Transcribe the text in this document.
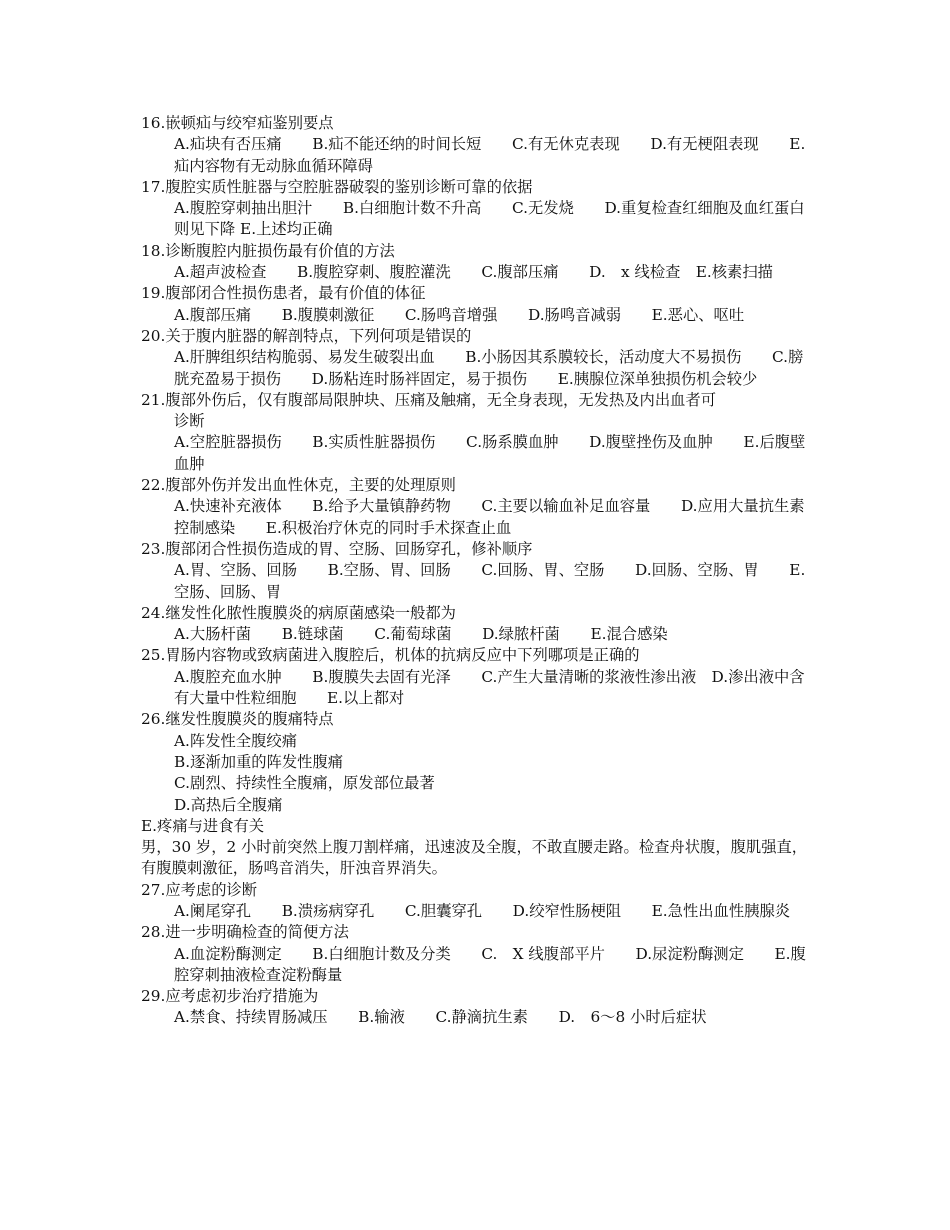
16.嵌顿疝与绞窄疝鉴别要点

A.疝块有否压痛　　B.疝不能还纳的时间长短　　C.有无休克表现　　D.有无梗阻表现　　E.疝内容物有无动脉血循环障碍

17.腹腔实质性脏器与空腔脏器破裂的鉴别诊断可靠的依据

A.腹腔穿刺抽出胆汁　　B.白细胞计数不升高　　C.无发烧　　D.重复检查红细胞及血红蛋白则见下降 E.上述均正确

18.诊断腹腔内脏损伤最有价值的方法

A.超声波检查　　B.腹腔穿刺、腹腔灌洗　　C.腹部压痛　　D.　x 线检查　E.核素扫描

19.腹部闭合性损伤患者，最有价值的体征

A.腹部压痛　　B.腹膜刺激征　　C.肠鸣音增强　　D.肠鸣音减弱　　E.恶心、呕吐

20.关于腹内脏器的解剖特点，下列何项是错误的

A.肝脾组织结构脆弱、易发生破裂出血　　B.小肠因其系膜较长，活动度大不易损伤　　C.膀胱充盈易于损伤　　D.肠粘连时肠袢固定，易于损伤　　E.胰腺位深单独损伤机会较少

21.腹部外伤后，仅有腹部局限肿块、压痛及触痛，无全身表现，无发热及内出血者可

诊断

A.空腔脏器损伤　　B.实质性脏器损伤　　C.肠系膜血肿　　D.腹壁挫伤及血肿　　E.后腹壁血肿

22.腹部外伤并发出血性休克，主要的处理原则

A.快速补充液体　　B.给予大量镇静药物　　C.主要以输血补足血容量　　D.应用大量抗生素控制感染　　E.积极治疗休克的同时手术探查止血

23.腹部闭合性损伤造成的胃、空肠、回肠穿孔，修补顺序

A.胃、空肠、回肠　　B.空肠、胃、回肠　　C.回肠、胃、空肠　　D.回肠、空肠、胃　　E.空肠、回肠、胃

24.继发性化脓性腹膜炎的病原菌感染一般都为

A.大肠杆菌　　B.链球菌　　C.葡萄球菌　　D.绿脓杆菌　　E.混合感染

25.胃肠内容物或致病菌进入腹腔后，机体的抗病反应中下列哪项是正确的

A.腹腔充血水肿　　B.腹膜失去固有光泽　　C.产生大量清晰的浆液性渗出液　D.渗出液中含有大量中性粒细胞　　E.以上都对

26.继发性腹膜炎的腹痛特点

A.阵发性全腹绞痛

B.逐渐加重的阵发性腹痛

C.剧烈、持续性全腹痛，原发部位最著

D.高热后全腹痛

E.疼痛与进食有关

男，30 岁，2 小时前突然上腹刀割样痛，迅速波及全腹，不敢直腰走路。检查舟状腹，腹肌强直，有腹膜刺激征，肠鸣音消失，肝浊音界消失。

27.应考虑的诊断

A.阑尾穿孔　　B.溃疡病穿孔　　C.胆囊穿孔　　D.绞窄性肠梗阻　　E.急性出血性胰腺炎

28.进一步明确检查的简便方法

A.血淀粉酶测定　　B.白细胞计数及分类　　C.　X 线腹部平片　　D.尿淀粉酶测定　　E.腹腔穿刺抽液检查淀粉酶量

29.应考虑初步治疗措施为

A.禁食、持续胃肠减压　　B.输液　　C.静滴抗生素　　D.　6～8 小时后症状
